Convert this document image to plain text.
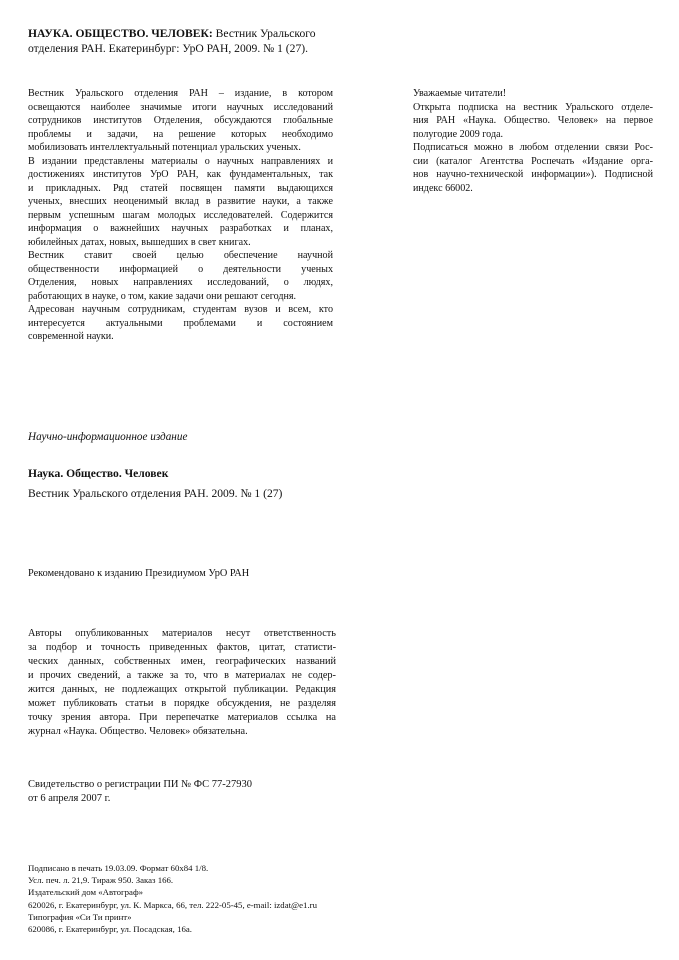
НАУКА. ОБЩЕСТВО. ЧЕЛОВЕК: Вестник Уральского
отделения РАН. Екатеринбург: УрО РАН, 2009. № 1 (27).
Вестник Уральского отделения РАН – издание, в котором
освещаются наиболее значимые итоги научных исследований
сотрудников институтов Отделения, обсуждаются глобальные
проблемы и задачи, на решение которых необходимо
мобилизовать интеллектуальный потенциал уральских ученых.
В издании представлены материалы о научных направлениях и
достижениях институтов УрО РАН, как фундаментальных, так
и прикладных. Ряд статей посвящен памяти выдающихся
ученых, внесших неоценимый вклад в развитие науки, а также
первым успешным шагам молодых исследователей. Содержится
информация о важнейших научных разработках и планах,
юбилейных датах, новых, вышедших в свет книгах.
Вестник ставит своей целью обеспечение научной
общественности информацией о деятельности ученых
Отделения, новых направлениях исследований, о людях,
работающих в науке, о том, какие задачи они решают сегодня.
Адресован научным сотрудникам, студентам вузов и всем, кто
интересуется актуальными проблемами и состоянием
современной науки.
Уважаемые читатели!
Открыта подписка на вестник Уральского отделе-
ния РАН «Наука. Общество. Человек» на первое
полугодие 2009 года.
Подписаться можно в любом отделении связи Рос-
сии (каталог Агентства Роспечать «Издание орга-
нов научно-технической информации»). Подписной
индекс 66002.
Научно-информационное издание
Наука. Общество. Человек
Вестник Уральского отделения РАН. 2009. № 1 (27)
Рекомендовано к изданию Президиумом УрО РАН
Авторы опубликованных материалов несут ответственность
за подбор и точность приведенных фактов, цитат, статисти-
ческих данных, собственных имен, географических названий
и прочих сведений, а также за то, что в материалах не содер-
жится данных, не подлежащих открытой публикации. Редакция
может публиковать статьи в порядке обсуждения, не разделяя
точку зрения автора. При перепечатке материалов ссылка на
журнал «Наука. Общество. Человек» обязательна.
Свидетельство о регистрации ПИ № ФС 77-27930
от 6 апреля 2007 г.
Подписано в печать 19.03.09. Формат 60х84 1/8.
Усл. печ. л. 21,9. Тираж 950. Заказ 166.
Издательский дом «Автограф»
620026, г. Екатеринбург, ул. К. Маркса, 66, тел. 222-05-45, e-mail: izdat@e1.ru
Типография «Си Ти принт»
620086, г. Екатеринбург, ул. Посадская, 16а.
